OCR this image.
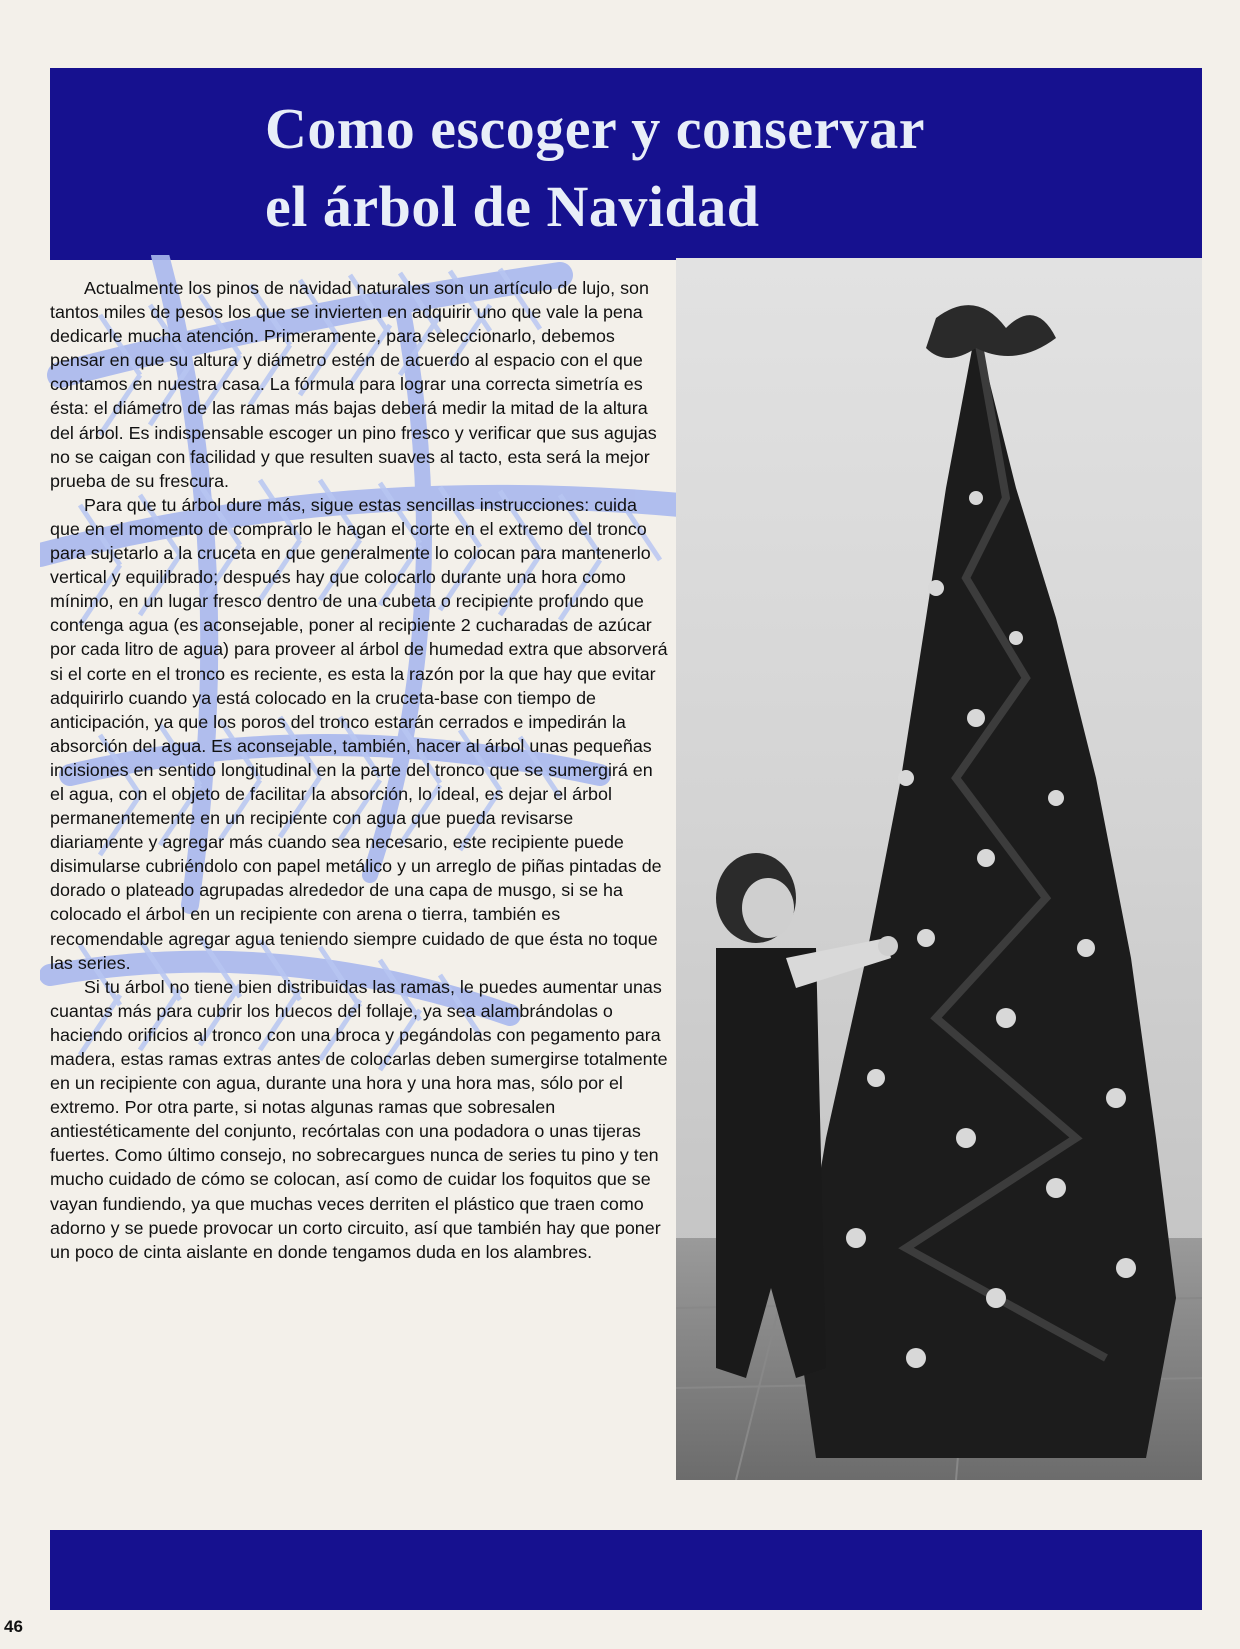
Como escoger y conservar
el árbol de Navidad

Actualmente los pinos de navidad naturales son un artículo de lujo, son tantos miles de pesos los que se invierten en adquirir uno que vale la pena dedicarle mucha atención. Primeramente, para seleccionarlo, debemos pensar en que su altura y diámetro estén de acuerdo al espacio con el que contamos en nuestra casa. La fórmula para lograr una correcta simetría es ésta: el diámetro de las ramas más bajas deberá medir la mitad de la altura del árbol. Es indispensable escoger un pino fresco y verificar que sus agujas no se caigan con facilidad y que resulten suaves al tacto, esta será la mejor prueba de su frescura.

Para que tu árbol dure más, sigue estas sencillas instrucciones: cuida que en el momento de comprarlo le hagan el corte en el extremo del tronco para sujetarlo a la cruceta en que generalmente lo colocan para mantenerlo vertical y equilibrado; después hay que colocarlo durante una hora como mínimo, en un lugar fresco dentro de una cubeta o recipiente profundo que contenga agua (es aconsejable, poner al recipiente 2 cucharadas de azúcar por cada litro de agua) para proveer al árbol de humedad extra que absorverá si el corte en el tronco es reciente, es esta la razón por la que hay que evitar adquirirlo cuando ya está colocado en la cruceta-base con tiempo de anticipación, ya que los poros del tronco estarán cerrados e impedirán la absorción del agua. Es aconsejable, también, hacer al árbol unas pequeñas incisiones en sentido longitudinal en la parte del tronco que se sumergirá en el agua, con el objeto de facilitar la absorción, lo ideal, es dejar el árbol permanentemente en un recipiente con agua que pueda revisarse diariamente y agregar más cuando sea necesario, este recipiente puede disimularse cubriéndolo con papel metálico y un arreglo de piñas pintadas de dorado o plateado agrupadas alrededor de una capa de musgo, si se ha colocado el árbol en un recipiente con arena o tierra, también es recomendable agregar agua teniendo siempre cuidado de que ésta no toque las series.

Si tu árbol no tiene bien distribuidas las ramas, le puedes aumentar unas cuantas más para cubrir los huecos del follaje, ya sea alambrándolas o haciendo orificios al tronco con una broca y pegándolas con pegamento para madera, estas ramas extras antes de colocarlas deben sumergirse totalmente en un recipiente con agua, durante una hora y una hora mas, sólo por el extremo. Por otra parte, si notas algunas ramas que sobresalen antiestéticamente del conjunto, recórtalas con una podadora o unas tijeras fuertes. Como último consejo, no sobrecargues nunca de series tu pino y ten mucho cuidado de cómo se colocan, así como de cuidar los foquitos que se vayan fundiendo, ya que muchas veces derriten el plástico que traen como adorno y se puede provocar un corto circuito, así que también hay que poner un poco de cinta aislante en donde tengamos duda en los alambres.

46
